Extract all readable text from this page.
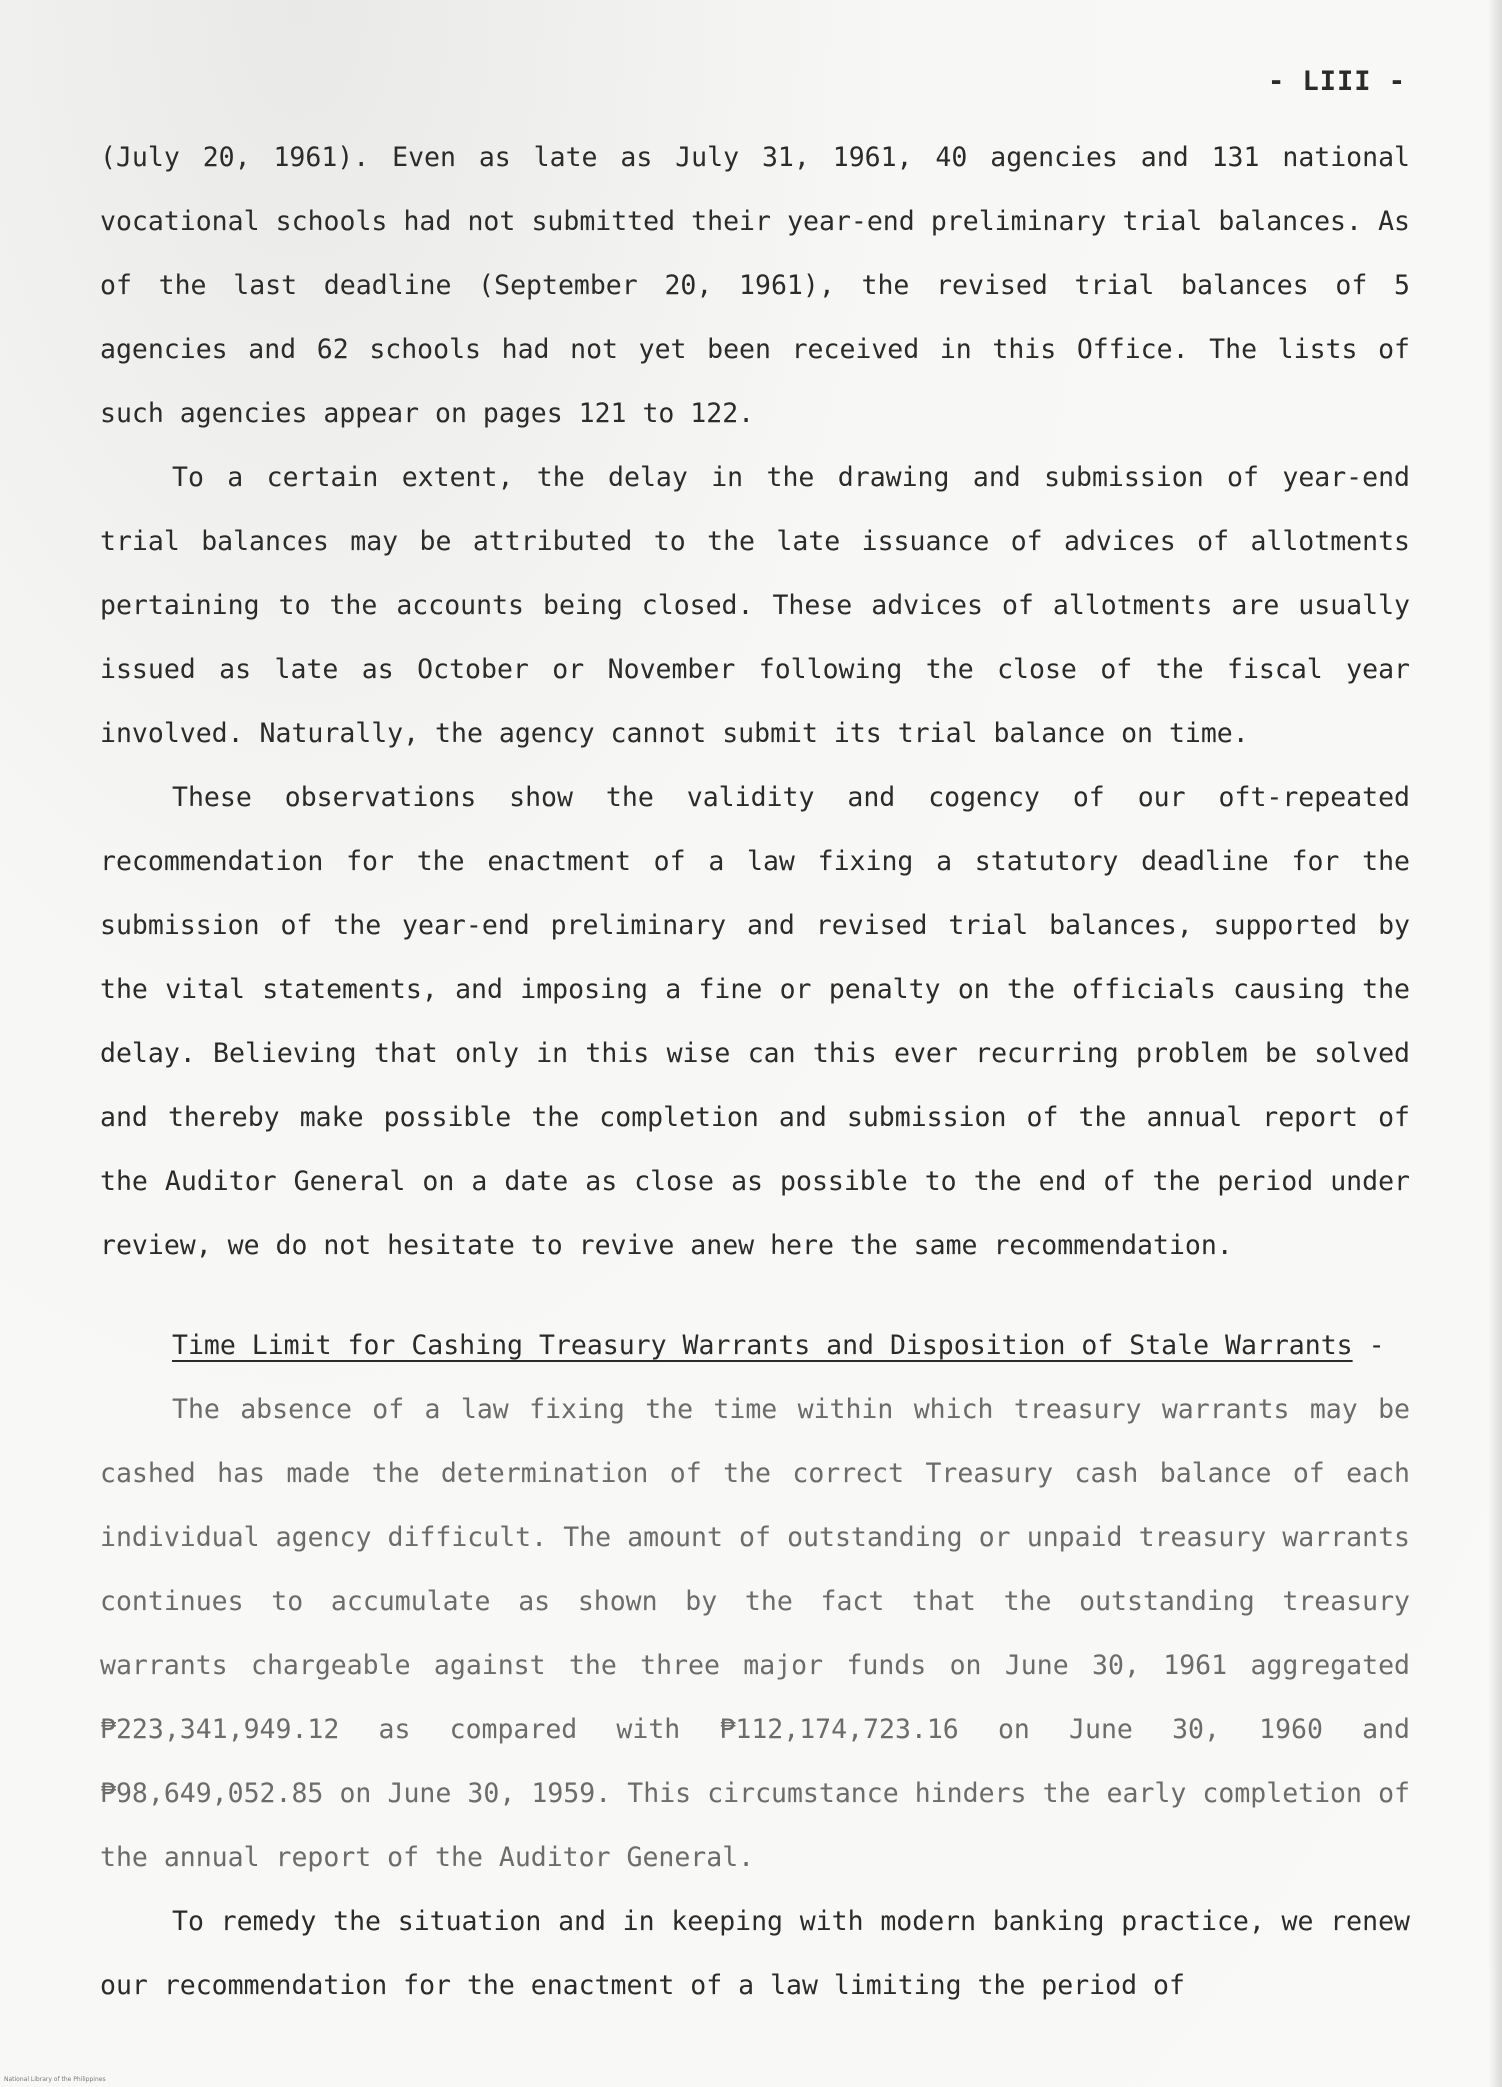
- LIII -

(July 20, 1961). Even as late as July 31, 1961, 40 agencies and 131 national vocational schools had not submitted their year-end preliminary trial balances. As of the last deadline (September 20, 1961), the revised trial balances of 5 agencies and 62 schools had not yet been received in this Office. The lists of such agencies appear on pages 121 to 122.

To a certain extent, the delay in the drawing and submission of year-end trial balances may be attributed to the late issuance of advices of allotments pertaining to the accounts being closed. These advices of allotments are usually issued as late as October or November following the close of the fiscal year involved. Naturally, the agency cannot submit its trial balance on time.

These observations show the validity and cogency of our oft-repeated recommendation for the enactment of a law fixing a statutory deadline for the submission of the year-end preliminary and revised trial balances, supported by the vital statements, and imposing a fine or penalty on the officials causing the delay. Believing that only in this wise can this ever recurring problem be solved and thereby make possible the completion and submission of the annual report of the Auditor General on a date as close as possible to the end of the period under review, we do not hesitate to revive anew here the same recommendation.

Time Limit for Cashing Treasury Warrants and Disposition of Stale Warrants -

The absence of a law fixing the time within which treasury warrants may be cashed has made the determination of the correct Treasury cash balance of each individual agency difficult. The amount of outstanding or unpaid treasury warrants continues to accumulate as shown by the fact that the outstanding treasury warrants chargeable against the three major funds on June 30, 1961 aggregated ₱223,341,949.12 as compared with ₱112,174,723.16 on June 30, 1960 and ₱98,649,052.85 on June 30, 1959. This circumstance hinders the early completion of the annual report of the Auditor General.

To remedy the situation and in keeping with modern banking practice, we renew our recommendation for the enactment of a law limiting the period of

National Library of the Philippines
